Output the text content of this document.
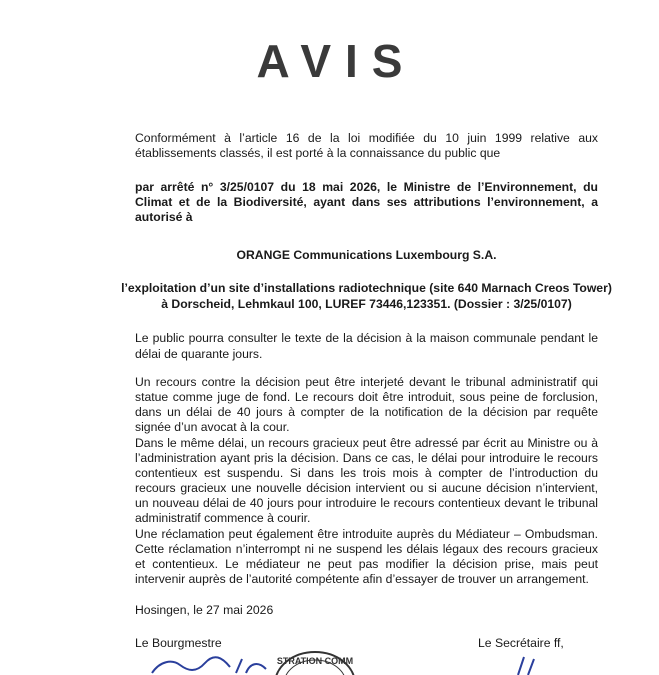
AVIS
Conformément à l’article 16 de la loi modifiée du 10 juin 1999 relative aux établissements classés, il est porté à la connaissance du public que
par arrêté n° 3/25/0107 du 18 mai 2026, le Ministre de l’Environnement, du Climat et de la Biodiversité, ayant dans ses attributions l’environnement, a autorisé à
ORANGE Communications Luxembourg S.A.
l’exploitation d’un site d’installations radiotechnique (site 640 Marnach Creos Tower) à Dorscheid, Lehmkaul 100, LUREF 73446,123351. (Dossier : 3/25/0107)
Le public pourra consulter le texte de la décision à la maison communale pendant le délai de quarante jours.
Un recours contre la décision peut être interjeté devant le tribunal administratif qui statue comme juge de fond. Le recours doit être introduit, sous peine de forclusion, dans un délai de 40 jours à compter de la notification de la décision par requête signée d’un avocat à la cour.
Dans le même délai, un recours gracieux peut être adressé par écrit au Ministre ou à l’administration ayant pris la décision. Dans ce cas, le délai pour introduire le recours contentieux est suspendu. Si dans les trois mois à compter de l’introduction du recours gracieux une nouvelle décision intervient ou si aucune décision n’intervient, un nouveau délai de 40 jours pour introduire le recours contentieux devant le tribunal administratif commence à courir.
Une réclamation peut également être introduite auprès du Médiateur – Ombudsman. Cette réclamation n’interrompt ni ne suspend les délais légaux des recours gracieux et contentieux. Le médiateur ne peut pas modifier la décision prise, mais peut intervenir auprès de l’autorité compétente afin d’essayer de trouver un arrangement.
Hosingen, le 27 mai 2026
Le Bourgmestre	Le Secrétaire ff,
STRATION COMM
